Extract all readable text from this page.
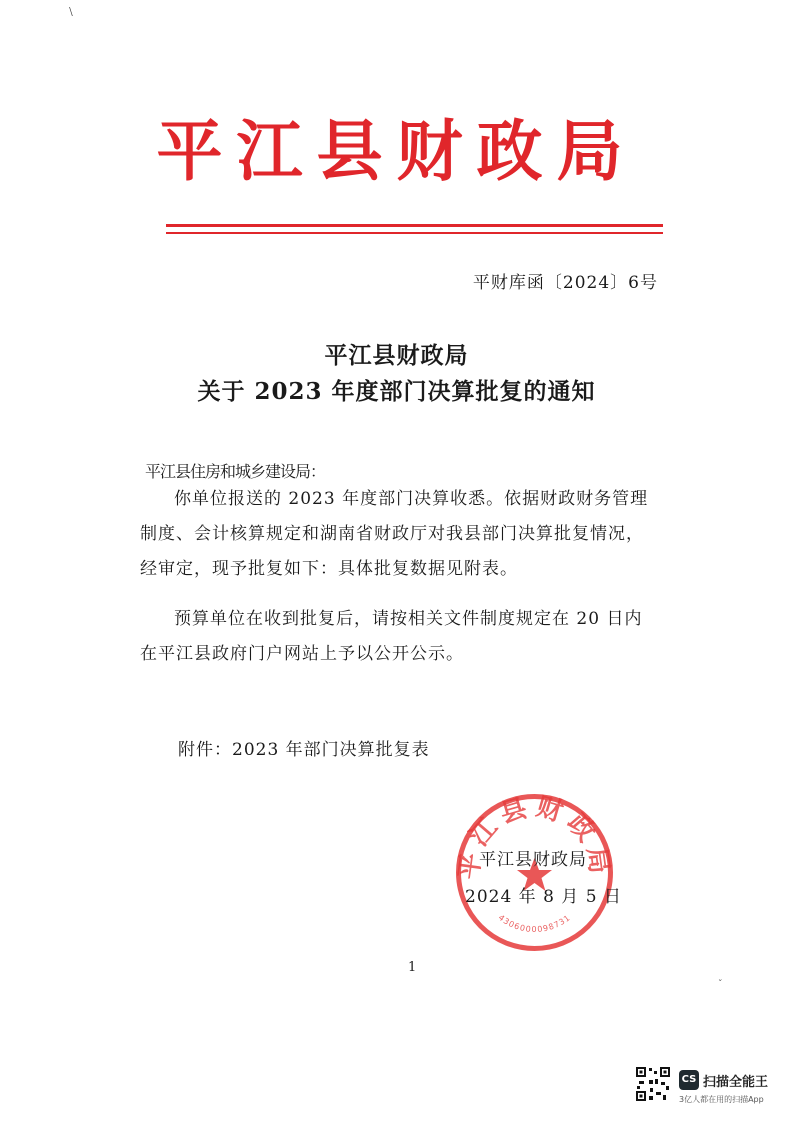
﹨
平江县财政局
平财库函〔2024〕6号
平江县财政局
关于 2023 年度部门决算批复的通知
平江县住房和城乡建设局：

你单位报送的 2023 年度部门决算收悉。依据财政财务管理制度、会计核算规定和湖南省财政厅对我县部门决算批复情况，经审定，现予批复如下：具体批复数据见附表。

预算单位在收到批复后，请按相关文件制度规定在 20 日内在平江县政府门户网站上予以公开公示。

附件：2023 年部门决算批复表
平江县财政局
4306000098731
平江县财政局
2024 年 8 月 5 日
1
ˇ
CS 扫描全能王
3亿人都在用的扫描App
